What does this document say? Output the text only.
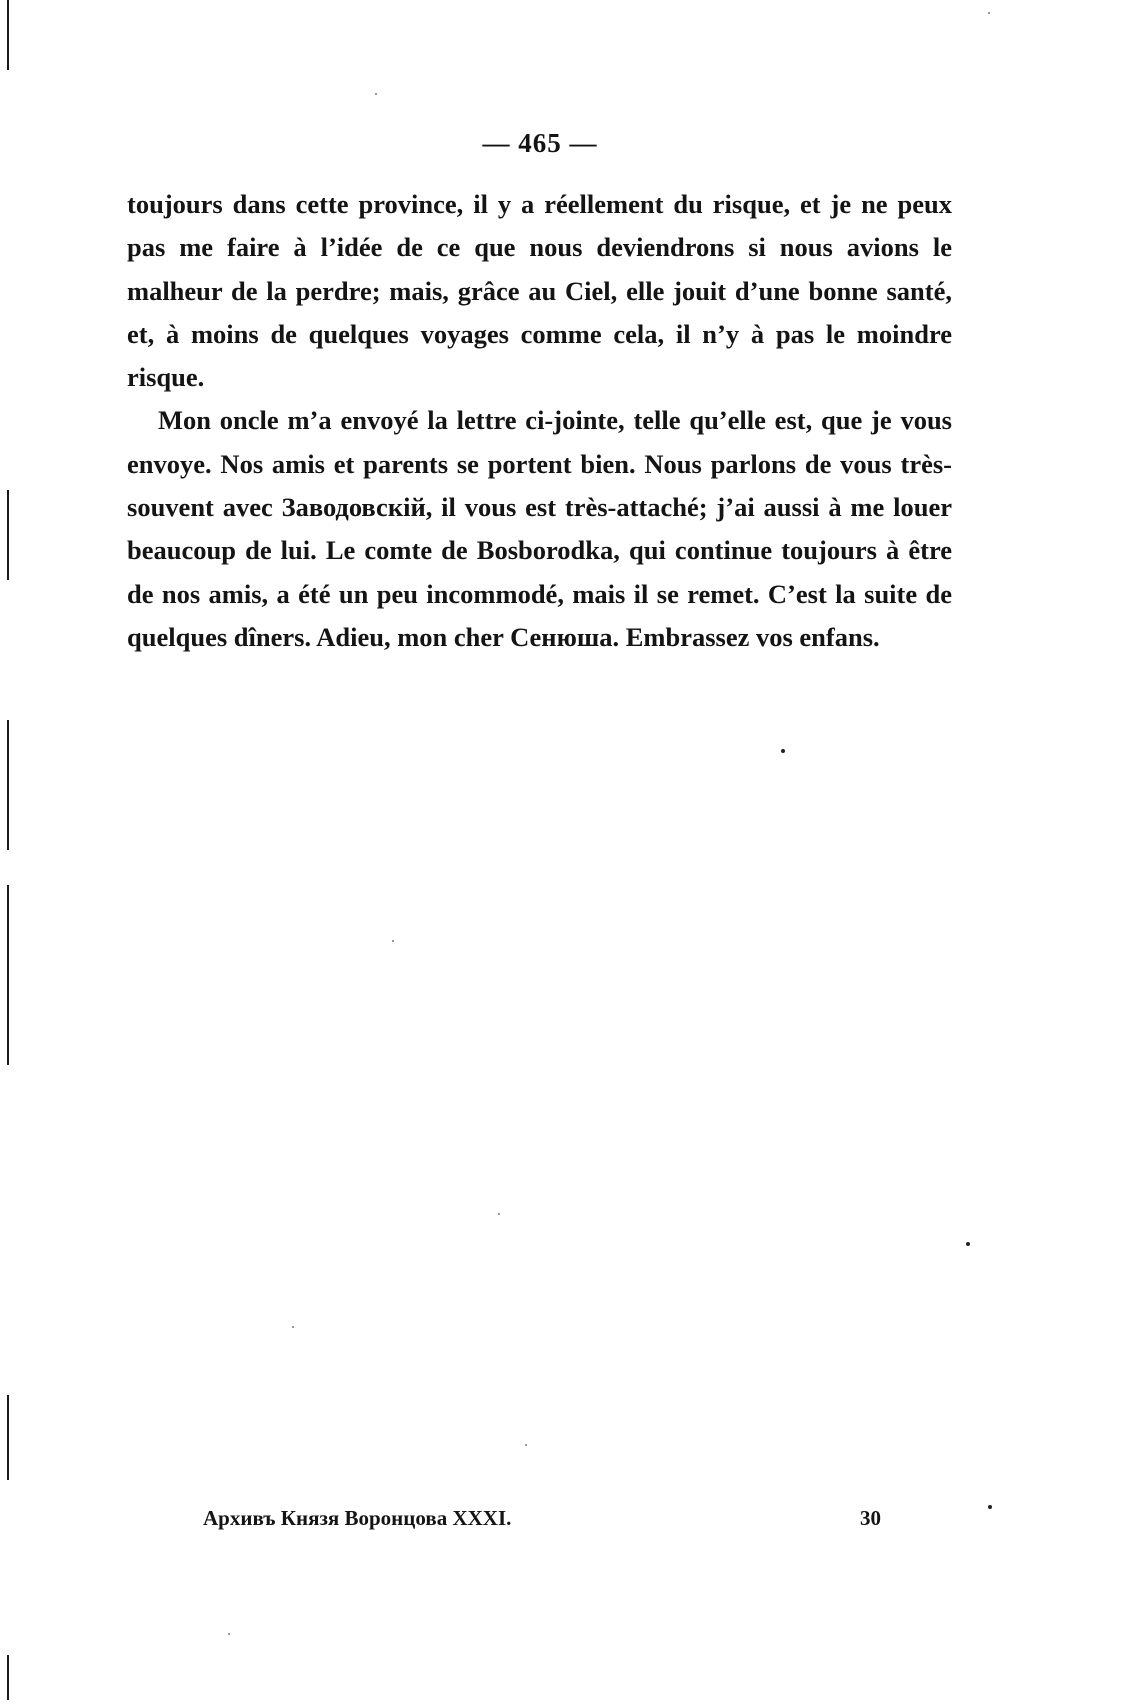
— 465 —

toujours dans cette province, il y a réellement du risque, et je ne peux pas me faire à l’idée de ce que nous deviendrons si nous avions le malheur de la perdre; mais, grâce au Ciel, elle jouit d’une bonne santé, et, à moins de quelques voyages comme cela, il n’y à pas le moindre risque.

Mon oncle m’a envoyé la lettre ci-jointe, telle qu’elle est, que je vous envoye. Nos amis et parents se portent bien. Nous parlons de vous très-souvent avec Заводовскій, il vous est très-attaché; j’ai aussi à me louer beaucoup de lui. Le comte de Bosborodka, qui continue toujours à être de nos amis, a été un peu incommodé, mais il se remet. C’est la suite de quelques dîners. Adieu, mon cher Сенюша. Embrassez vos enfans.

Архивъ Князя Воронцова XXXI.	30
